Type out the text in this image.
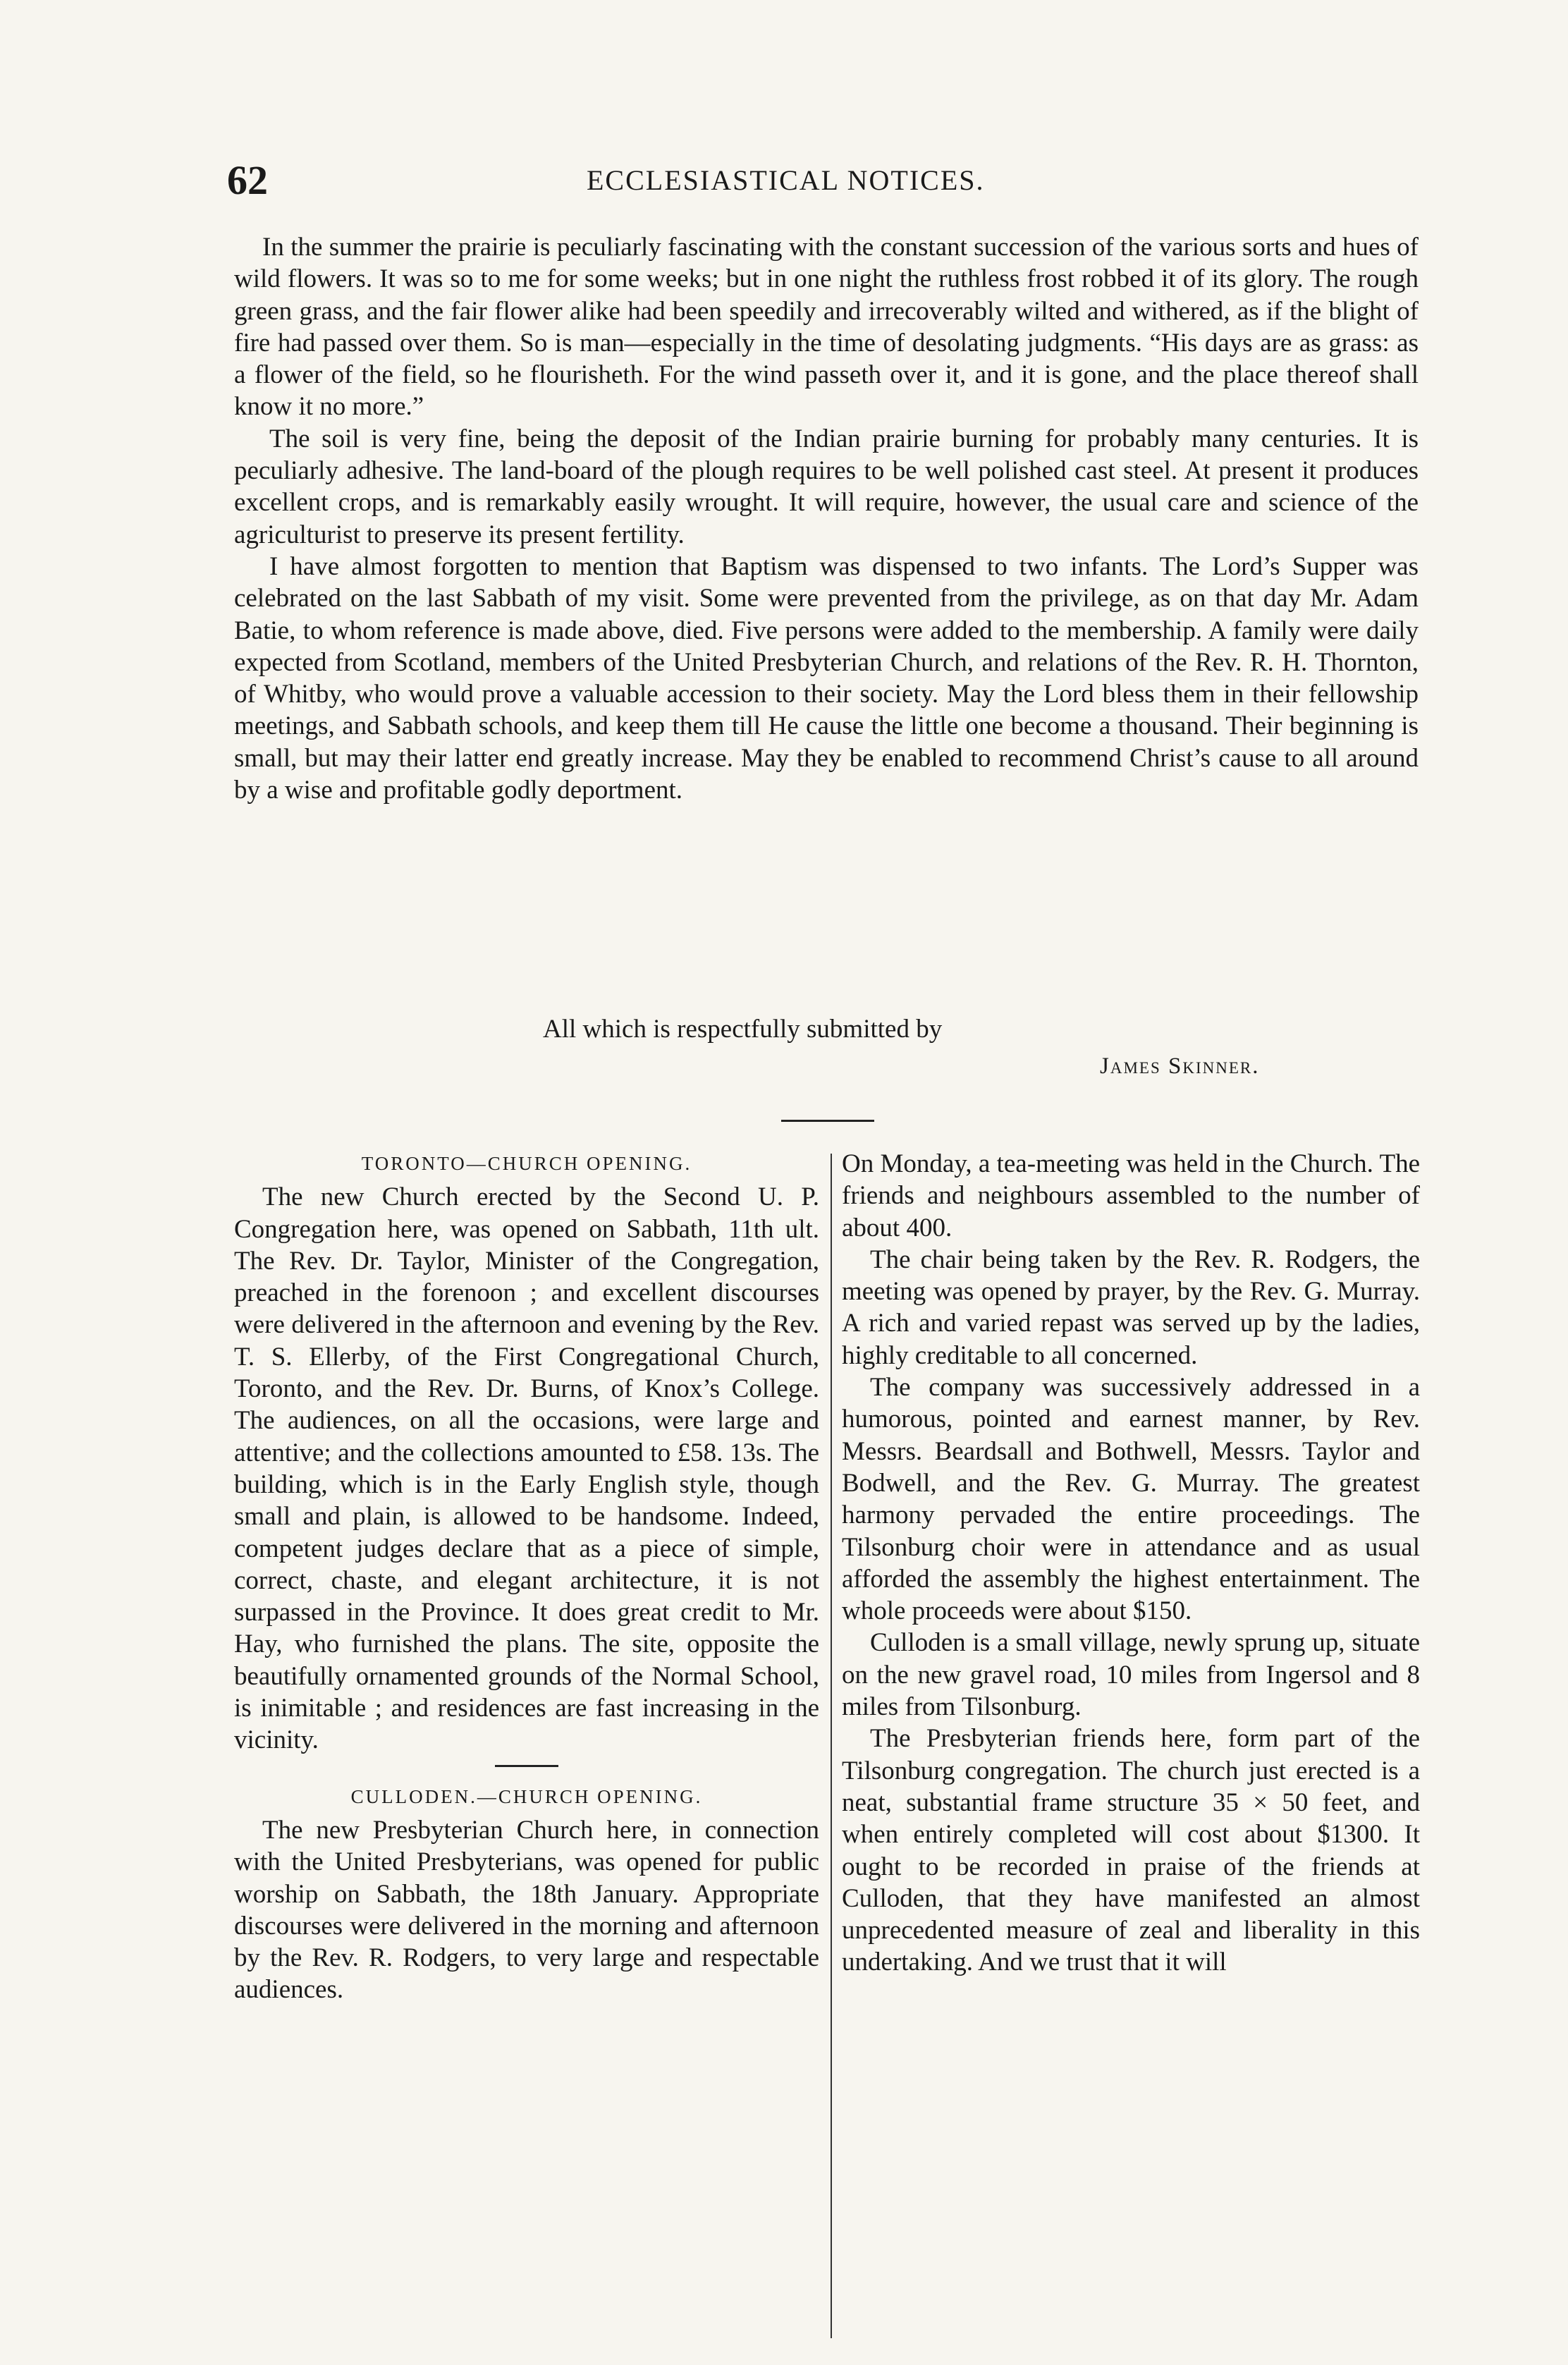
62	ECCLESIASTICAL NOTICES.

In the summer the prairie is peculiarly fascinating with the constant succession of the various sorts and hues of wild flowers. It was so to me for some weeks; but in one night the ruthless frost robbed it of its glory. The rough green grass, and the fair flower alike had been speedily and irrecoverably wilted and withered, as if the blight of fire had passed over them. So is man—especially in the time of desolating judgments. “His days are as grass: as a flower of the field, so he flourisheth. For the wind passeth over it, and it is gone, and the place thereof shall know it no more.”

The soil is very fine, being the deposit of the Indian prairie burning for probably many centuries. It is peculiarly adhesive. The land-board of the plough requires to be well polished cast steel. At present it produces excellent crops, and is remarkably easily wrought. It will require, however, the usual care and science of the agriculturist to preserve its present fertility.

I have almost forgotten to mention that Baptism was dispensed to two infants. The Lord’s Supper was celebrated on the last Sabbath of my visit. Some were prevented from the privilege, as on that day Mr. Adam Batie, to whom reference is made above, died. Five persons were added to the membership. A family were daily expected from Scotland, members of the United Presbyterian Church, and relations of the Rev. R. H. Thornton, of Whitby, who would prove a valuable accession to their society. May the Lord bless them in their fellowship meetings, and Sabbath schools, and keep them till He cause the little one become a thousand. Their beginning is small, but may their latter end greatly increase. May they be enabled to recommend Christ’s cause to all around by a wise and profitable godly deportment.

All which is respectfully submitted by
James Skinner.
TORONTO—CHURCH OPENING.

The new Church erected by the Second U. P. Congregation here, was opened on Sabbath, 11th ult. The Rev. Dr. Taylor, Minister of the Congregation, preached in the forenoon ; and excellent discourses were delivered in the afternoon and evening by the Rev. T. S. Ellerby, of the First Congregational Church, Toronto, and the Rev. Dr. Burns, of Knox’s College. The audiences, on all the occasions, were large and attentive; and the collections amounted to £58. 13s. The building, which is in the Early English style, though small and plain, is allowed to be handsome. Indeed, competent judges declare that as a piece of simple, correct, chaste, and elegant architecture, it is not surpassed in the Province. It does great credit to Mr. Hay, who furnished the plans. The site, opposite the beautifully ornamented grounds of the Normal School, is inimitable ; and residences are fast increasing in the vicinity.

CULLODEN.—CHURCH OPENING.

The new Presbyterian Church here, in connection with the United Presbyterians, was opened for public worship on Sabbath, the 18th January. Appropriate discourses were delivered in the morning and afternoon by the Rev. R. Rodgers, to very large and respectable audiences.

On Monday, a tea-meeting was held in the Church. The friends and neighbours assembled to the number of about 400.

The chair being taken by the Rev. R. Rodgers, the meeting was opened by prayer, by the Rev. G. Murray. A rich and varied repast was served up by the ladies, highly creditable to all concerned.

The company was successively addressed in a humorous, pointed and earnest manner, by Rev. Messrs. Beardsall and Bothwell, Messrs. Taylor and Bodwell, and the Rev. G. Murray. The greatest harmony pervaded the entire proceedings. The Tilsonburg choir were in attendance and as usual afforded the assembly the highest entertainment. The whole proceeds were about $150.

Culloden is a small village, newly sprung up, situate on the new gravel road, 10 miles from Ingersol and 8 miles from Tilsonburg.

The Presbyterian friends here, form part of the Tilsonburg congregation. The church just erected is a neat, substantial frame structure 35 × 50 feet, and when entirely completed will cost about $1300. It ought to be recorded in praise of the friends at Culloden, that they have manifested an almost unprecedented measure of zeal and liberality in this undertaking. And we trust that it will
